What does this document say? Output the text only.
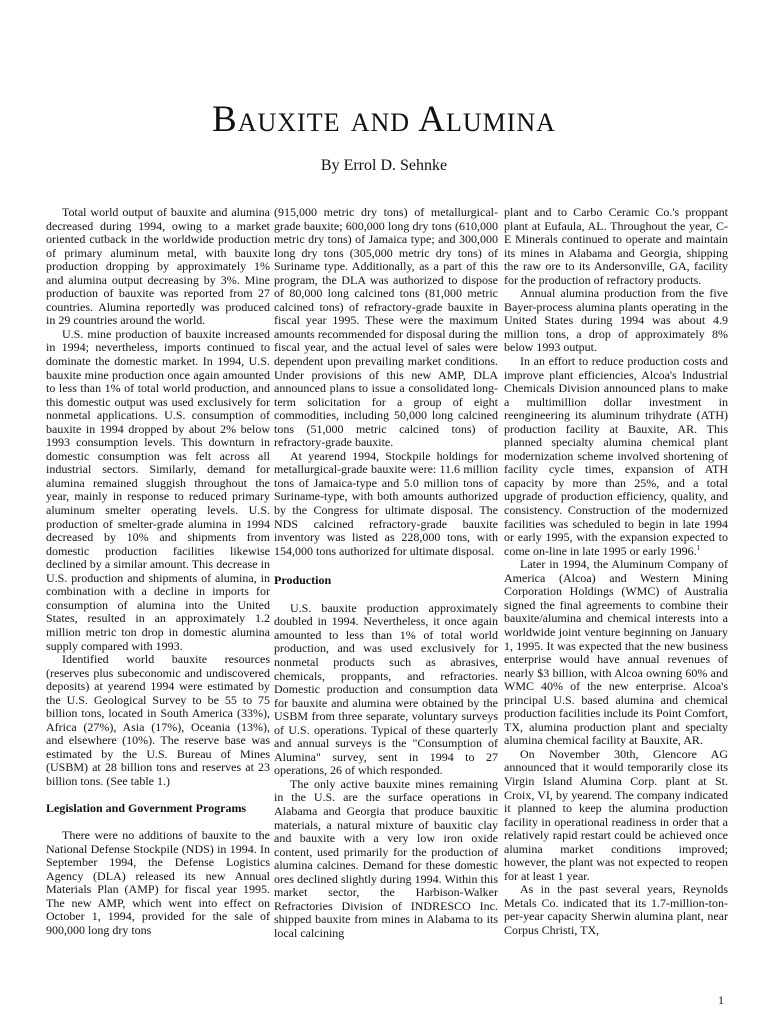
Bauxite and Alumina

By Errol D. Sehnke

Total world output of bauxite and alumina decreased during 1994, owing to a market oriented cutback in the worldwide production of primary aluminum metal, with bauxite production dropping by approximately 1% and alumina output decreasing by 3%. Mine production of bauxite was reported from 27 countries. Alumina reportedly was produced in 29 countries around the world.

U.S. mine production of bauxite increased in 1994; nevertheless, imports continued to dominate the domestic market. In 1994, U.S. bauxite mine production once again amounted to less than 1% of total world production, and this domestic output was used exclusively for nonmetal applications. U.S. consumption of bauxite in 1994 dropped by about 2% below 1993 consumption levels. This downturn in domestic consumption was felt across all industrial sectors. Similarly, demand for alumina remained sluggish throughout the year, mainly in response to reduced primary aluminum smelter operating levels. U.S. production of smelter-grade alumina in 1994 decreased by 10% and shipments from domestic production facilities likewise declined by a similar amount. This decrease in U.S. production and shipments of alumina, in combination with a decline in imports for consumption of alumina into the United States, resulted in an approximately 1.2 million metric ton drop in domestic alumina supply compared with 1993.

Identified world bauxite resources (reserves plus subeconomic and undiscovered deposits) at yearend 1994 were estimated by the U.S. Geological Survey to be 55 to 75 billion tons, located in South America (33%), Africa (27%), Asia (17%), Oceania (13%), and elsewhere (10%). The reserve base was estimated by the U.S. Bureau of Mines (USBM) at 28 billion tons and reserves at 23 billion tons. (See table 1.)

Legislation and Government Programs

There were no additions of bauxite to the National Defense Stockpile (NDS) in 1994. In September 1994, the Defense Logistics Agency (DLA) released its new Annual Materials Plan (AMP) for fiscal year 1995. The new AMP, which went into effect on October 1, 1994, provided for the sale of 900,000 long dry tons

(915,000 metric dry tons) of metallurgical-grade bauxite; 600,000 long dry tons (610,000 metric dry tons) of Jamaica type; and 300,000 long dry tons (305,000 metric dry tons) of Suriname type. Additionally, as a part of this program, the DLA was authorized to dispose of 80,000 long calcined tons (81,000 metric calcined tons) of refractory-grade bauxite in fiscal year 1995. These were the maximum amounts recommended for disposal during the fiscal year, and the actual level of sales were dependent upon prevailing market conditions. Under provisions of this new AMP, DLA announced plans to issue a consolidated long-term solicitation for a group of eight commodities, including 50,000 long calcined tons (51,000 metric calcined tons) of refractory-grade bauxite.

At yearend 1994, Stockpile holdings for metallurgical-grade bauxite were: 11.6 million tons of Jamaica-type and 5.0 million tons of Suriname-type, with both amounts authorized by the Congress for ultimate disposal. The NDS calcined refractory-grade bauxite inventory was listed as 228,000 tons, with 154,000 tons authorized for ultimate disposal.

Production

U.S. bauxite production approximately doubled in 1994. Nevertheless, it once again amounted to less than 1% of total world production, and was used exclusively for nonmetal products such as abrasives, chemicals, proppants, and refractories. Domestic production and consumption data for bauxite and alumina were obtained by the USBM from three separate, voluntary surveys of U.S. operations. Typical of these quarterly and annual surveys is the "Consumption of Alumina" survey, sent in 1994 to 27 operations, 26 of which responded.

The only active bauxite mines remaining in the U.S. are the surface operations in Alabama and Georgia that produce bauxitic materials, a natural mixture of bauxitic clay and bauxite with a very low iron oxide content, used primarily for the production of alumina calcines. Demand for these domestic ores declined slightly during 1994. Within this market sector, the Harbison-Walker Refractories Division of INDRESCO Inc. shipped bauxite from mines in Alabama to its local calcining

plant and to Carbo Ceramic Co.'s proppant plant at Eufaula, AL. Throughout the year, C-E Minerals continued to operate and maintain its mines in Alabama and Georgia, shipping the raw ore to its Andersonville, GA, facility for the production of refractory products.

Annual alumina production from the five Bayer-process alumina plants operating in the United States during 1994 was about 4.9 million tons, a drop of approximately 8% below 1993 output.

In an effort to reduce production costs and improve plant efficiencies, Alcoa's Industrial Chemicals Division announced plans to make a multimillion dollar investment in reengineering its aluminum trihydrate (ATH) production facility at Bauxite, AR. This planned specialty alumina chemical plant modernization scheme involved shortening of facility cycle times, expansion of ATH capacity by more than 25%, and a total upgrade of production efficiency, quality, and consistency. Construction of the modernized facilities was scheduled to begin in late 1994 or early 1995, with the expansion expected to come on-line in late 1995 or early 1996.$^1$

Later in 1994, the Aluminum Company of America (Alcoa) and Western Mining Corporation Holdings (WMC) of Australia signed the final agreements to combine their bauxite/alumina and chemical interests into a worldwide joint venture beginning on January 1, 1995. It was expected that the new business enterprise would have annual revenues of nearly $3 billion, with Alcoa owning 60% and WMC 40% of the new enterprise. Alcoa's principal U.S. based alumina and chemical production facilities include its Point Comfort, TX, alumina production plant and specialty alumina chemical facility at Bauxite, AR.

On November 30th, Glencore AG announced that it would temporarily close its Virgin Island Alumina Corp. plant at St. Croix, VI, by yearend. The company indicated it planned to keep the alumina production facility in operational readiness in order that a relatively rapid restart could be achieved once alumina market conditions improved; however, the plant was not expected to reopen for at least 1 year.

As in the past several years, Reynolds Metals Co. indicated that its 1.7-million-ton-per-year capacity Sherwin alumina plant, near Corpus Christi, TX,

1
